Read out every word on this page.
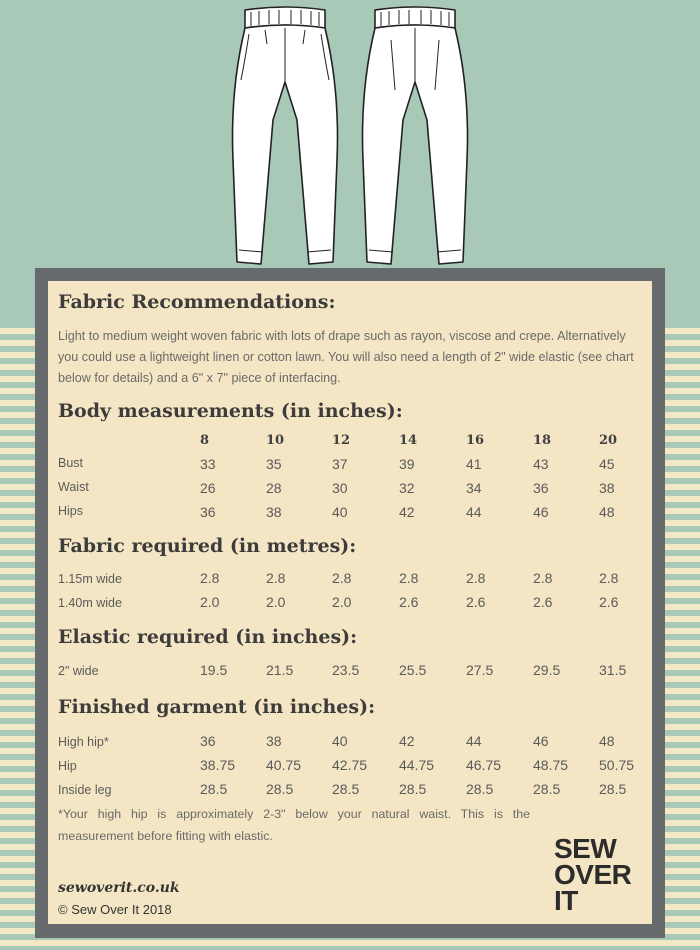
Fabric Recommendations:
Light to medium weight woven fabric with lots of drape such as rayon, viscose and crepe. Alternatively you could use a lightweight linen or cotton lawn. You will also need a length of 2" wide elastic (see chart below for details) and a 6" x 7" piece of interfacing.
Body measurements (in inches):
8	10	12	14	16	18	20
Bust	33	35	37	39	41	43	45
Waist	26	28	30	32	34	36	38
Hips	36	38	40	42	44	46	48
Fabric required (in metres):
1.15m wide	2.8	2.8	2.8	2.8	2.8	2.8	2.8
1.40m wide	2.0	2.0	2.0	2.6	2.6	2.6	2.6
Elastic required (in inches):
2" wide	19.5	21.5	23.5	25.5	27.5	29.5	31.5
Finished garment (in inches):
High hip*	36	38	40	42	44	46	48
Hip	38.75 40.75 42.75 44.75 46.75 48.75 50.75
Inside leg	28.5	28.5	28.5	28.5	28.5	28.5	28.5
*Your high hip is approximately 2-3" below your natural waist. This is the measurement before fitting with elastic.
sewoverit.co.uk
© Sew Over It 2018
SEW
OVER
IT
